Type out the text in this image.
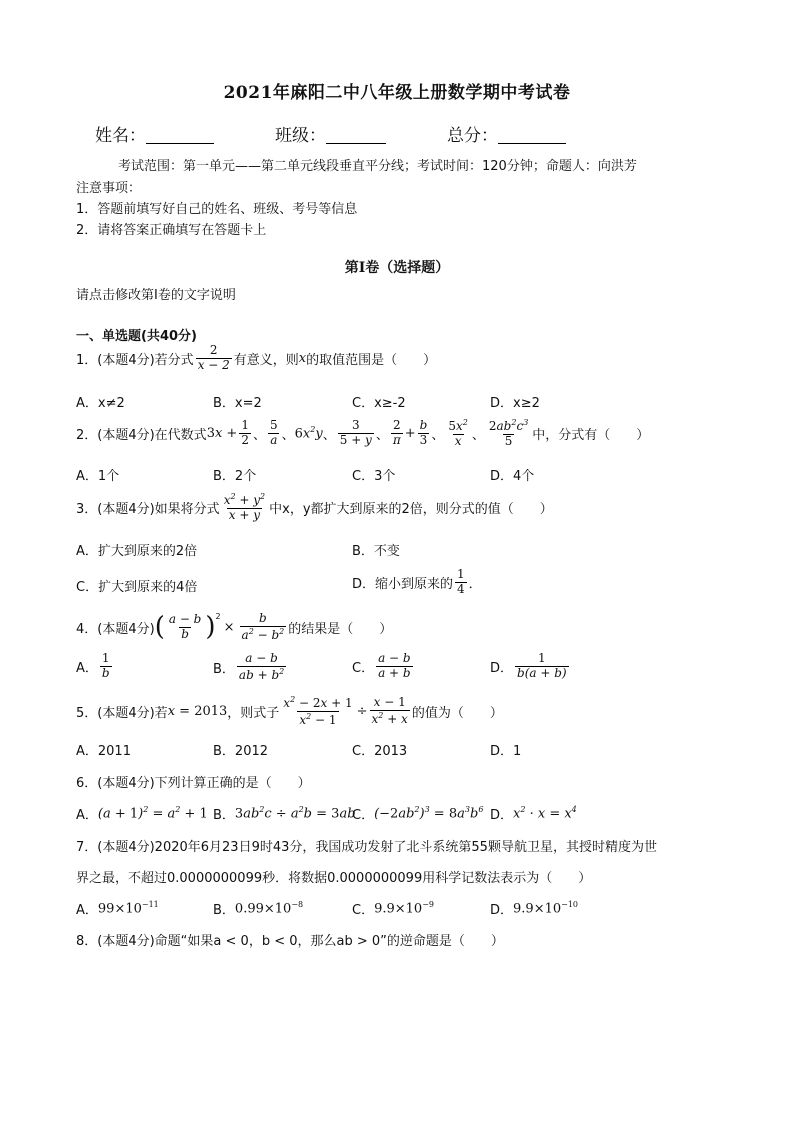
2021年麻阳二中八年级上册数学期中考试卷
姓名：	班级：	总分：
考试范围：第一单元——第二单元线段垂直平分线；考试时间：120分钟；命题人：向洪芳
注意事项：
1．答题前填写好自己的姓名、班级、考号等信息
2．请将答案正确填写在答题卡上
第I卷（选择题）
请点击修改第I卷的文字说明
一、单选题(共40分)
1．(本题4分)若分式 $\frac{2}{x - 2}$ 有意义，则 x 的取值范围是（　　）
A．x≠2	B．x=2	C．x≥-2	D．x≥2
2．(本题4分)在代数式 $3x + \frac{1}{2}$ 、 $\frac{5}{a}$ 、 $6x^2y$ 、 $\frac{3}{5 + y}$ 、 $\frac{2}{\pi} + \frac{b}{3}$ 、 $\frac{5x^2}{x}$ 、 $\frac{2ab^2c^3}{5}$ 中，分式有（　　）
A．1个	B．2个	C．3个	D．4个
3．(本题4分)如果将分式 $\frac{x^2 + y^2}{x + y}$ 中x，y都扩大到原来的2倍，则分式的值（　　）
A．扩大到原来的2倍	B．不变
C．扩大到原来的4倍	D．缩小到原来的 $\frac{1}{4}$ ．
4．(本题4分) ( $\frac{a - b}{b} )^2$
× $\frac{b}{a^2 - b^2}$ 的结果是（　　）
A． $\frac{1}{b}$	B． $\frac{a - b}{ab + b^2}$	C． $\frac{a - b}{a + b}$	D． $\frac{1}{b(a + b)}$
5．(本题4分)若 x = 2013 ，则式子 $\frac{x^2 - 2x + 1}{x^2 - 1} \div \frac{x - 1}{x^2 + x}$ 的值为（　　）
A．2011	B．2012	C．2013	D．1
6．(本题4分)下列计算正确的是（　　）
A． $(a + 1)^2 = a^2 + 1$ B． $3ab^2c \div a^2b = 3ab$
C． $(-2ab^2)^3 = 8a^3b^6$ D． $x^2 \cdot x = x^4$
7．(本题4分)2020年6月23日9时43分，我国成功发射了北斗系统第55颗导航卫星，其授时精度为世
界之最，不超过0.0000000099秒．将数据0.0000000099用科学记数法表示为（　　）
A． $99\times 10^{-11}$	B． $0.99\times 10^{-8}$	C． $9.9\times 10^{-9}$	D． $9.9\times 10^{-10}$
8．(本题4分)命题“如果a < 0，b < 0，那么ab > 0”的逆命题是（　　）
